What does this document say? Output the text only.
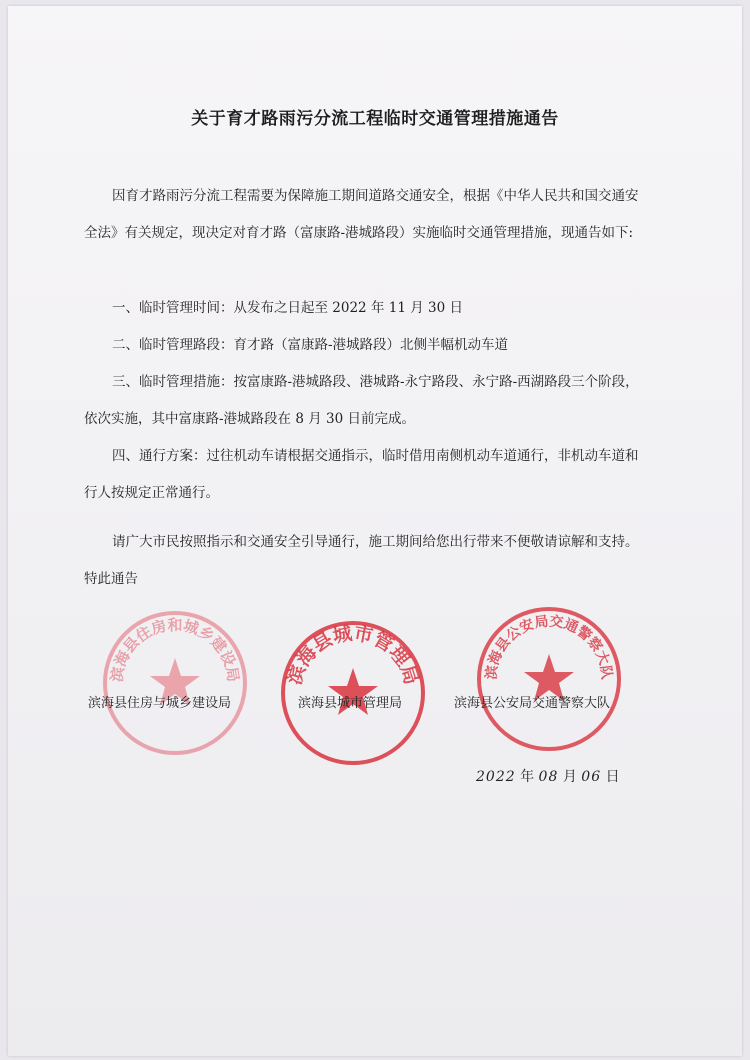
关于育才路雨污分流工程临时交通管理措施通告
因育才路雨污分流工程需要为保障施工期间道路交通安全，根据《中华人民共和国交通安全法》有关规定，现决定对育才路（富康路-港城路段）实施临时交通管理措施，现通告如下:
一、临时管理时间：从发布之日起至 2022 年 11 月 30 日
二、临时管理路段：育才路（富康路-港城路段）北侧半幅机动车道
三、临时管理措施：按富康路-港城路段、港城路-永宁路段、永宁路-西湖路段三个阶段，依次实施，其中富康路-港城路段在 8 月 30 日前完成。
四、通行方案：过往机动车请根据交通指示，临时借用南侧机动车道通行，非机动车道和行人按规定正常通行。
请广大市民按照指示和交通安全引导通行，施工期间给您出行带来不便敬请谅解和支持。
特此通告
滨海县住房和城乡建设局 滨海县城市管理局	滨海县公安局交通警察大队
滨海县住房与城乡建设局	滨海县城市管理局	滨海县公安局交通警察大队
2022 年 08 月 06 日
